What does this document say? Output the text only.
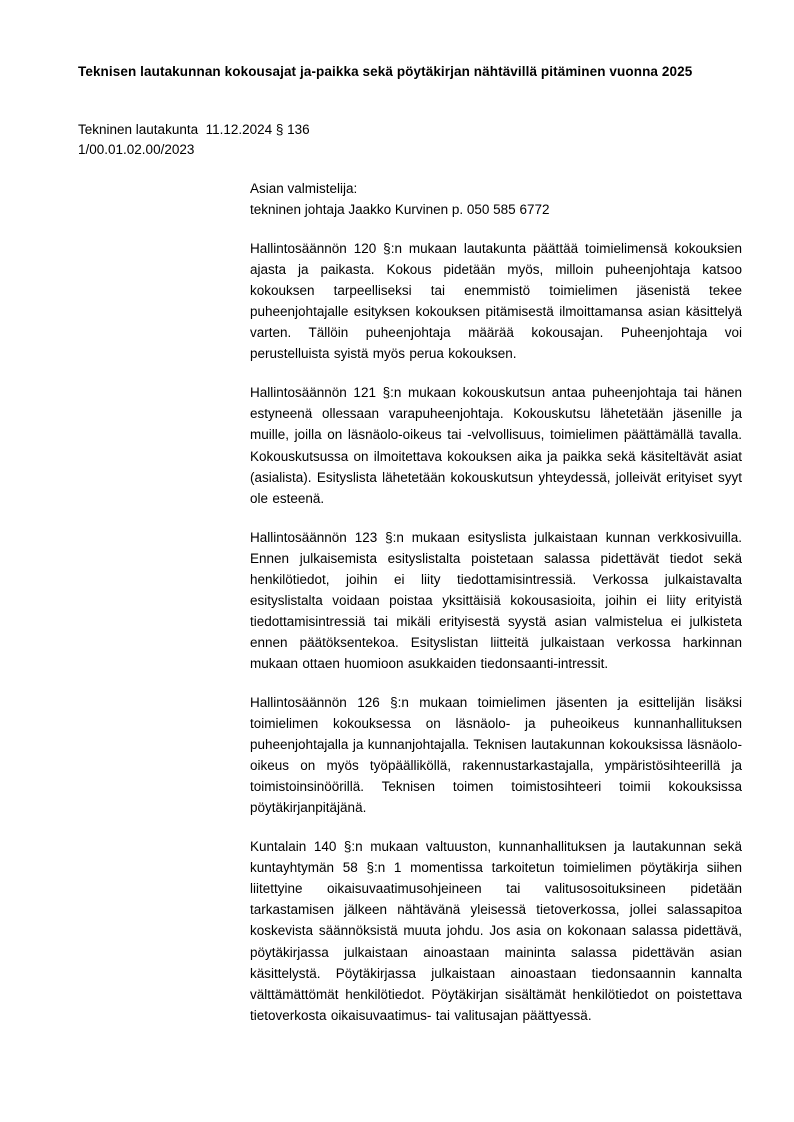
Teknisen lautakunnan kokousajat ja-paikka sekä pöytäkirjan nähtävillä pitäminen vuonna 2025
Tekninen lautakunta  11.12.2024 § 136
1/00.01.02.00/2023
Asian valmistelija:
tekninen johtaja Jaakko Kurvinen p. 050 585 6772

Hallintosäännön 120 §:n mukaan lautakunta päättää toimielimensä kokouksien ajasta ja paikasta. Kokous pidetään myös, milloin puheenjohtaja katsoo kokouksen tarpeelliseksi tai enemmistö toimielimen jäsenistä tekee puheenjohtajalle esityksen kokouksen pitämisestä ilmoittamansa asian käsittelyä varten. Tällöin puheenjohtaja määrää kokousajan. Puheenjohtaja voi perustelluista syistä myös perua kokouksen.

Hallintosäännön 121 §:n mukaan kokouskutsun antaa puheenjohtaja tai hänen estyneenä ollessaan varapuheenjohtaja. Kokouskutsu lähetetään jäsenille ja muille, joilla on läsnäolo-oikeus tai -velvollisuus, toimielimen päättämällä tavalla. Kokouskutsussa on ilmoitettava kokouksen aika ja paikka sekä käsiteltävät asiat (asialista). Esityslista lähetetään kokouskutsun yhteydessä, jolleivät erityiset syyt ole esteenä.

Hallintosäännön 123 §:n mukaan esityslista julkaistaan kunnan verkkosivuilla. Ennen julkaisemista esityslistalta poistetaan salassa pidettävät tiedot sekä henkilötiedot, joihin ei liity tiedottamisintressiä. Verkossa julkaistavalta esityslistalta voidaan poistaa yksittäisiä kokousasioita, joihin ei liity erityistä tiedottamisintressiä tai mikäli erityisestä syystä asian valmistelua ei julkisteta ennen päätöksentekoa. Esityslistan liitteitä julkaistaan verkossa harkinnan mukaan ottaen huomioon asukkaiden tiedonsaanti-intressit.

Hallintosäännön 126 §:n mukaan toimielimen jäsenten ja esittelijän lisäksi toimielimen kokouksessa on läsnäolo- ja puheoikeus kunnanhallituksen puheenjohtajalla ja kunnanjohtajalla. Teknisen lautakunnan kokouksissa läsnäolo-oikeus on myös työpäälliköllä, rakennustarkastajalla, ympäristösihteerillä ja toimistoinsinöörillä. Teknisen toimen toimistosihteeri toimii kokouksissa pöytäkirjanpitäjänä.

Kuntalain 140 §:n mukaan valtuuston, kunnanhallituksen ja lautakunnan sekä kuntayhtymän 58 §:n 1 momentissa tarkoitetun toimielimen pöytäkirja siihen liitettyine oikaisuvaatimusohjeineen tai valitusosoituksineen pidetään tarkastamisen jälkeen nähtävänä yleisessä tietoverkossa, jollei salassapitoa koskevista säännöksistä muuta johdu. Jos asia on kokonaan salassa pidettävä, pöytäkirjassa julkaistaan ainoastaan maininta salassa pidettävän asian käsittelystä. Pöytäkirjassa julkaistaan ainoastaan tiedonsaannin kannalta välttämättömät henkilötiedot. Pöytäkirjan sisältämät henkilötiedot on poistettava tietoverkosta oikaisuvaatimus- tai valitusajan päättyessä.
